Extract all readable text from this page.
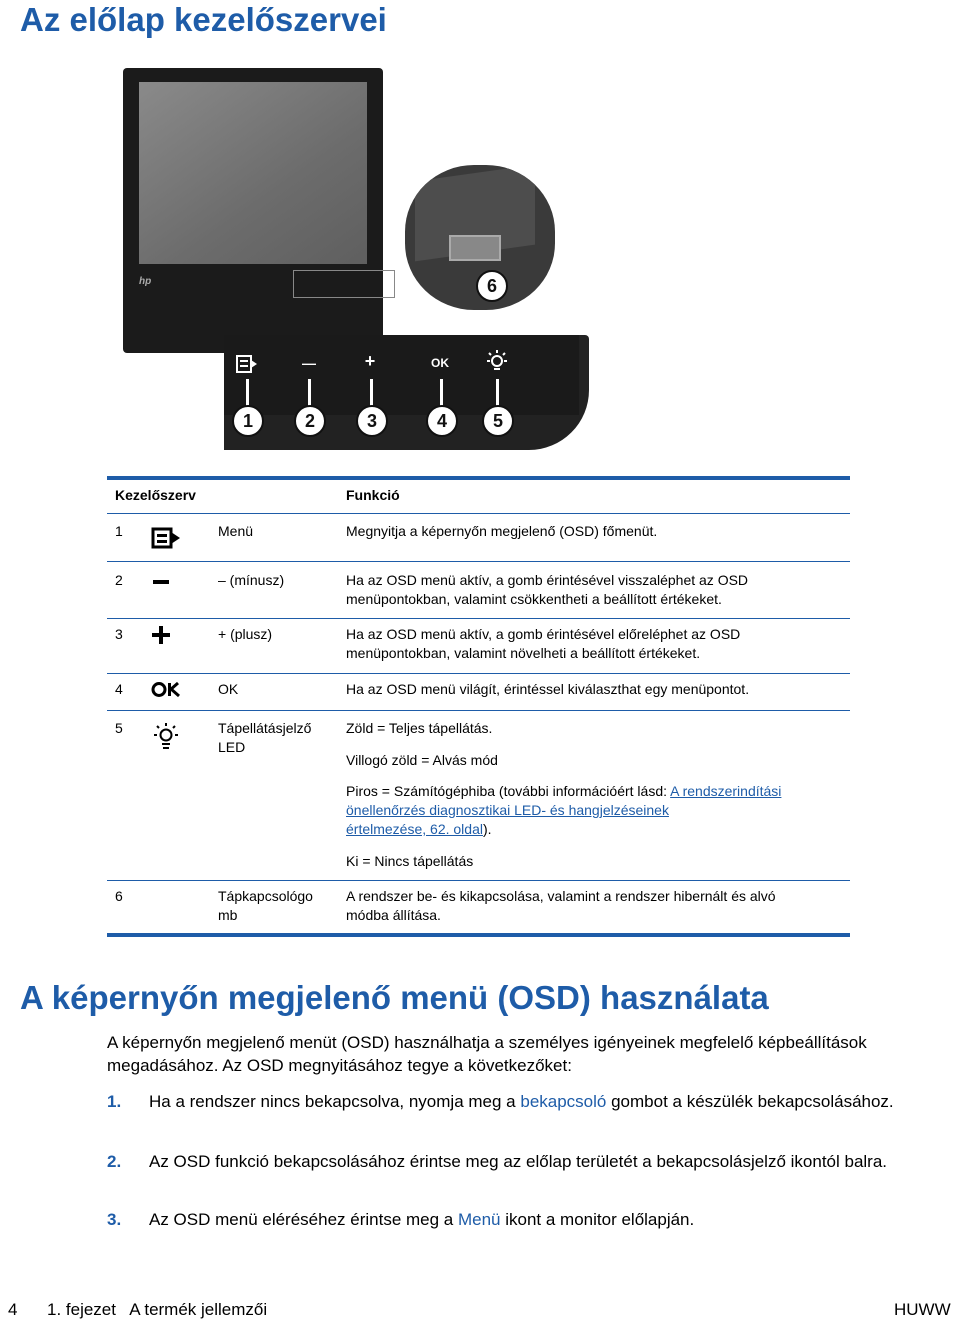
Az előlap kezelőszervei
hp	6
—	+	OK
1	2	3	4	5
Kezelőszerv	Funkció
1	Menü	Megnyitja a képernyőn megjelenő (OSD) főmenüt.
2	– (mínusz)	Ha az OSD menü aktív, a gomb érintésével visszaléphet az OSD
menüpontokban, valamint csökkentheti a beállított értékeket.
3	+ (plusz)	Ha az OSD menü aktív, a gomb érintésével előreléphet az OSD
menüpontokban, valamint növelheti a beállított értékeket.
4	OK	Ha az OSD menü világít, érintéssel kiválaszthat egy menüpontot.
5	Tápellátásjelző
LED
Zöld = Teljes tápellátás.
Villogó zöld = Alvás mód
Piros = Számítógéphiba (további információért lásd: A rendszerindítási
önellenőrzés diagnosztikai LED- és hangjelzéseinek
értelmezése, 62. oldal).
Ki = Nincs tápellátás
6	Tápkapcsológo
mb
A rendszer be- és kikapcsolása, valamint a rendszer hibernált és alvó
módba állítása.
A képernyőn megjelenő menü (OSD) használata
A képernyőn megjelenő menüt (OSD) használhatja a személyes igényeinek megfelelő képbeállítások megadásához. Az OSD megnyitásához tegye a következőket:
1. Ha a rendszer nincs bekapcsolva, nyomja meg a bekapcsoló gombot a készülék bekapcsolásához.
2. Az OSD funkció bekapcsolásához érintse meg az előlap területét a bekapcsolásjelző ikontól balra.
3. Az OSD menü eléréséhez érintse meg a Menü ikont a monitor előlapján.
4 1. fejezet   A termék jellemzői	HUWW
